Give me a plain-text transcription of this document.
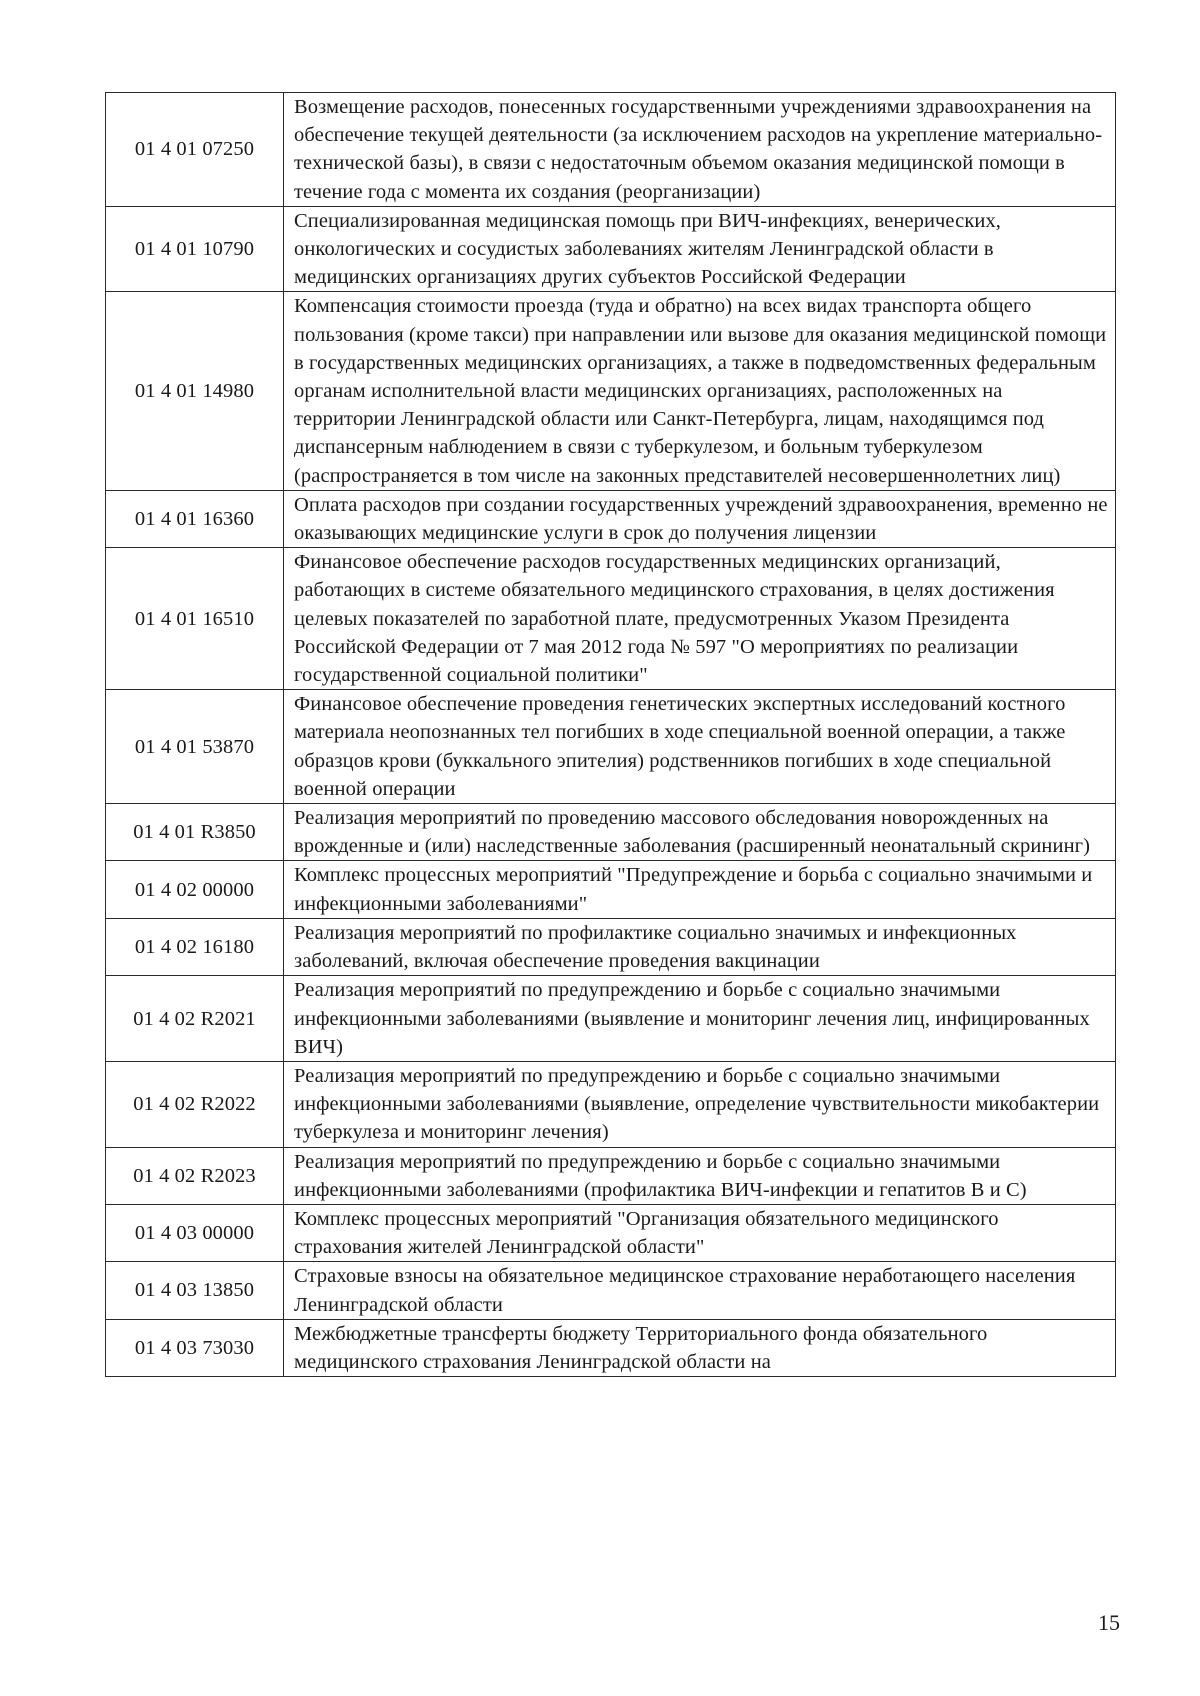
01 4 01 07250	Возмещение расходов, понесенных государственными учреждениями здравоохранения на обеспечение текущей деятельности (за исключением расходов на укрепление материально-технической базы), в связи с недостаточным объемом оказания медицинской помощи в течение года с момента их создания (реорганизации)
01 4 01 10790	Специализированная медицинская помощь при ВИЧ-инфекциях, венерических, онкологических и сосудистых заболеваниях жителям Ленинградской области в медицинских организациях других субъектов Российской Федерации
01 4 01 14980	Компенсация стоимости проезда (туда и обратно) на всех видах транспорта общего пользования (кроме такси) при направлении или вызове для оказания медицинской помощи в государственных медицинских организациях, а также в подведомственных федеральным органам исполнительной власти медицинских организациях, расположенных на территории Ленинградской области или Санкт-Петербурга, лицам, находящимся под диспансерным наблюдением в связи с туберкулезом, и больным туберкулезом (распространяется в том числе на законных представителей несовершеннолетних лиц)
01 4 01 16360	Оплата расходов при создании государственных учреждений здравоохранения, временно не оказывающих медицинские услуги в срок до получения лицензии
01 4 01 16510	Финансовое обеспечение расходов государственных медицинских организаций, работающих в системе обязательного медицинского страхования, в целях достижения целевых показателей по заработной плате, предусмотренных Указом Президента Российской Федерации от 7 мая 2012 года № 597 "О мероприятиях по реализации государственной социальной политики"
01 4 01 53870	Финансовое обеспечение проведения генетических экспертных исследований костного материала неопознанных тел погибших в ходе специальной военной операции, а также образцов крови (буккального эпителия) родственников погибших в ходе специальной военной операции
01 4 01 R3850	Реализация мероприятий по проведению массового обследования новорожденных на врожденные и (или) наследственные заболевания (расширенный неонатальный скрининг)
01 4 02 00000	Комплекс процессных мероприятий "Предупреждение и борьба с социально значимыми и инфекционными заболеваниями"
01 4 02 16180	Реализация мероприятий по профилактике социально значимых и инфекционных заболеваний, включая обеспечение проведения вакцинации
01 4 02 R2021	Реализация мероприятий по предупреждению и борьбе с социально значимыми инфекционными заболеваниями (выявление и мониторинг лечения лиц, инфицированных ВИЧ)
01 4 02 R2022	Реализация мероприятий по предупреждению и борьбе с социально значимыми инфекционными заболеваниями (выявление, определение чувствительности микобактерии туберкулеза и мониторинг лечения)
01 4 02 R2023	Реализация мероприятий по предупреждению и борьбе с социально значимыми инфекционными заболеваниями (профилактика ВИЧ-инфекции и гепатитов В и С)
01 4 03 00000	Комплекс процессных мероприятий "Организация обязательного медицинского страхования жителей Ленинградской области"
01 4 03 13850	Страховые взносы на обязательное медицинское страхование неработающего населения Ленинградской области
01 4 03 73030	Межбюджетные трансферты бюджету Территориального фонда обязательного медицинского страхования Ленинградской области на
15
